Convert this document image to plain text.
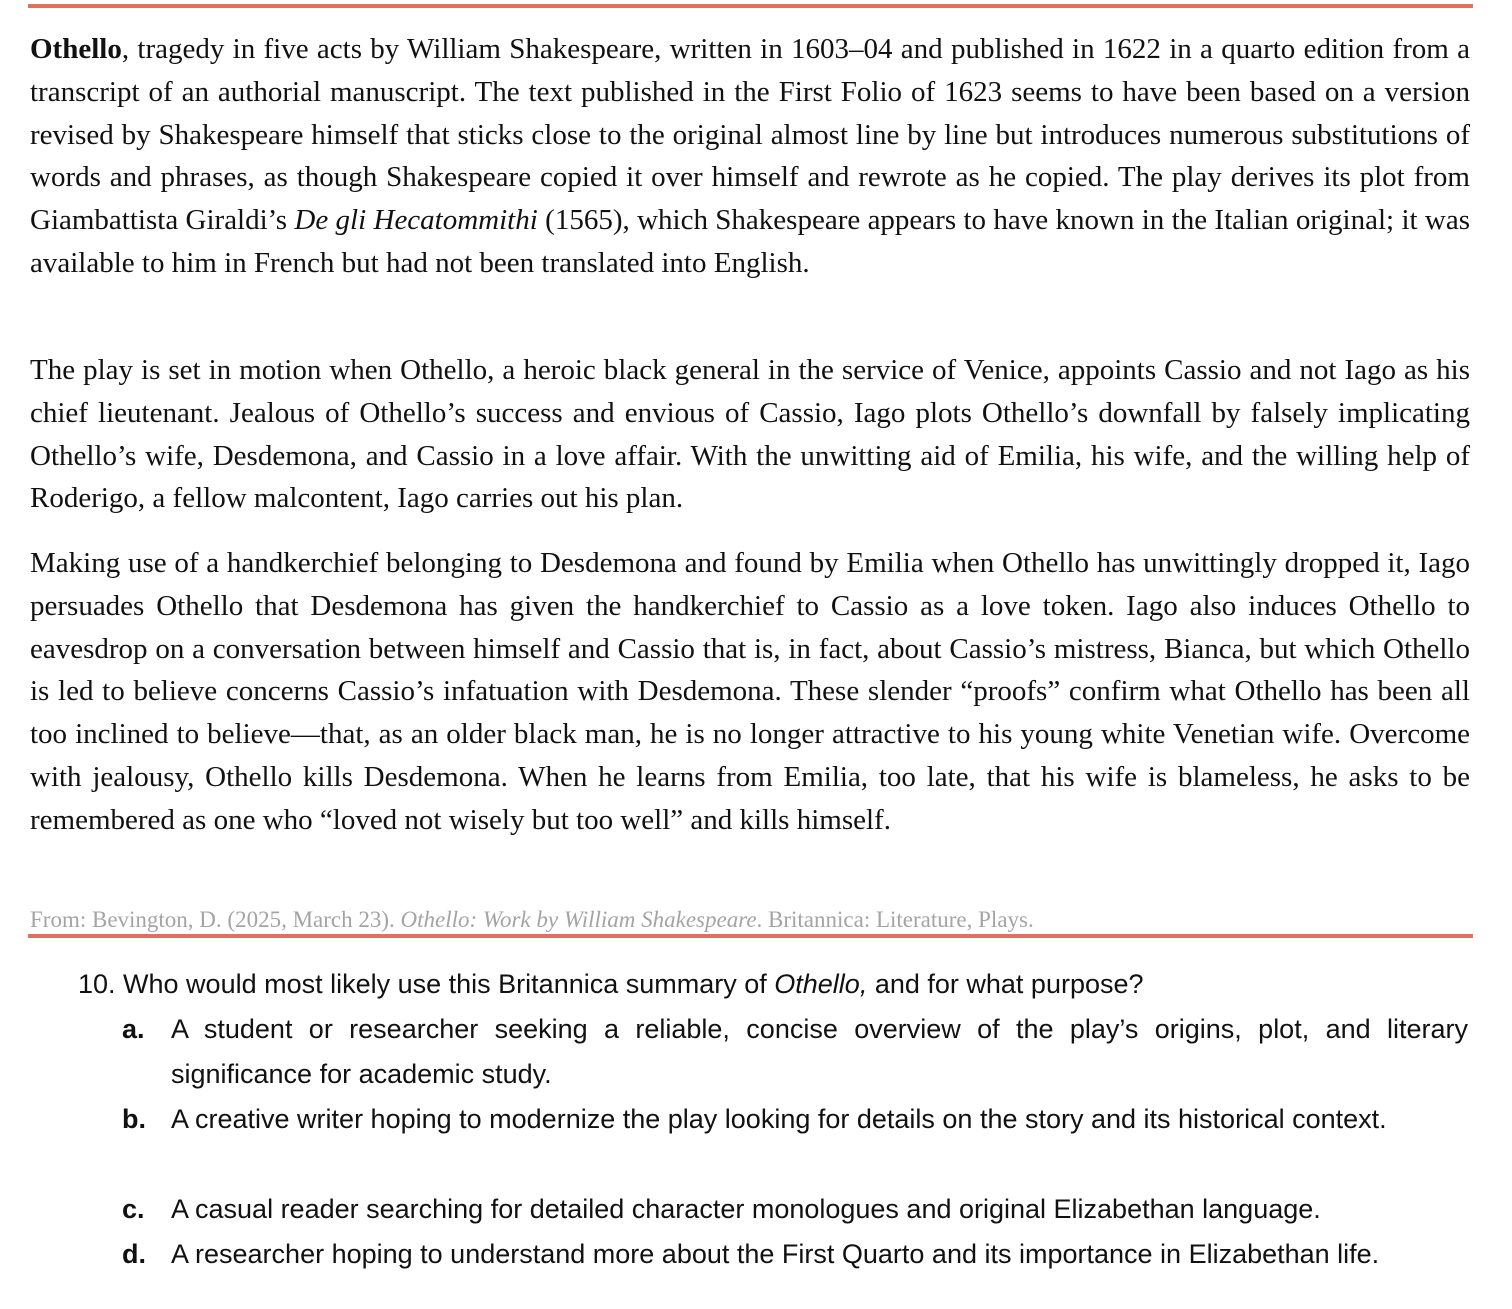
Othello, tragedy in five acts by William Shakespeare, written in 1603–04 and published in 1622 in a quarto edition from a transcript of an authorial manuscript. The text published in the First Folio of 1623 seems to have been based on a version revised by Shakespeare himself that sticks close to the original almost line by line but introduces numerous substitutions of words and phrases, as though Shakespeare copied it over himself and rewrote as he copied. The play derives its plot from Giambattista Giraldi’s De gli Hecatommithi (1565), which Shakespeare appears to have known in the Italian original; it was available to him in French but had not been translated into English.

The play is set in motion when Othello, a heroic black general in the service of Venice, appoints Cassio and not Iago as his chief lieutenant. Jealous of Othello’s success and envious of Cassio, Iago plots Othello’s downfall by falsely implicating Othello’s wife, Desdemona, and Cassio in a love affair. With the unwitting aid of Emilia, his wife, and the willing help of Roderigo, a fellow malcontent, Iago carries out his plan.

Making use of a handkerchief belonging to Desdemona and found by Emilia when Othello has unwittingly dropped it, Iago persuades Othello that Desdemona has given the handkerchief to Cassio as a love token. Iago also induces Othello to eavesdrop on a conversation between himself and Cassio that is, in fact, about Cassio’s mistress, Bianca, but which Othello is led to believe concerns Cassio’s infatuation with Desdemona. These slender “proofs” confirm what Othello has been all too inclined to believe—that, as an older black man, he is no longer attractive to his young white Venetian wife. Overcome with jealousy, Othello kills Desdemona. When he learns from Emilia, too late, that his wife is blameless, he asks to be remembered as one who “loved not wisely but too well” and kills himself.

From: Bevington, D. (2025, March 23). Othello: Work by William Shakespeare. Britannica: Literature, Plays.

10. Who would most likely use this Britannica summary of Othello, and for what purpose?
a. A student or researcher seeking a reliable, concise overview of the play’s origins, plot, and literary significance for academic study.
b. A creative writer hoping to modernize the play looking for details on the story and its historical context.
c. A casual reader searching for detailed character monologues and original Elizabethan language.
d. A researcher hoping to understand more about the First Quarto and its importance in Elizabethan life.
